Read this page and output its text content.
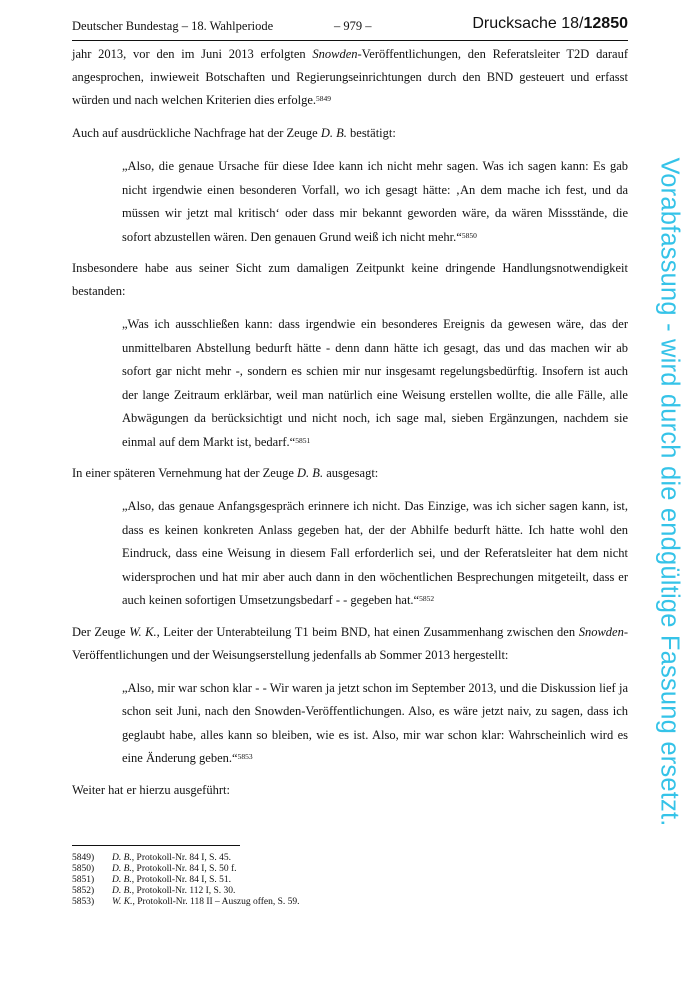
Deutscher Bundestag – 18. Wahlperiode	– 979 –	Drucksache 18/12850

jahr 2013, vor den im Juni 2013 erfolgten Snowden-Veröffentlichungen, den Referatsleiter T2D darauf angesprochen, inwieweit Botschaften und Regierungseinrichtungen durch den BND gesteuert und erfasst würden und nach welchen Kriterien dies erfolge.$^{5849}$

Auch auf ausdrückliche Nachfrage hat der Zeuge D. B. bestätigt:

„Also, die genaue Ursache für diese Idee kann ich nicht mehr sagen. Was ich sagen kann: Es gab nicht irgendwie einen besonderen Vorfall, wo ich gesagt hätte: ‚An dem mache ich fest, und da müssen wir jetzt mal kritisch‘ oder dass mir bekannt geworden wäre, da wären Missstände, die sofort abzustellen wären. Den genauen Grund weiß ich nicht mehr.“$^{5850}$

Insbesondere habe aus seiner Sicht zum damaligen Zeitpunkt keine dringende Handlungsnotwendigkeit bestanden:

„Was ich ausschließen kann: dass irgendwie ein besonderes Ereignis da gewesen wäre, das der unmittelbaren Abstellung bedurft hätte - denn dann hätte ich gesagt, das und das machen wir ab sofort gar nicht mehr -, sondern es schien mir nur insgesamt regelungsbedürftig. Insofern ist auch der lange Zeitraum erklärbar, weil man natürlich eine Weisung erstellen wollte, die alle Fälle, alle Abwägungen da berücksichtigt und nicht noch, ich sage mal, sieben Ergänzungen, nachdem sie einmal auf dem Markt ist, bedarf.“$^{5851}$

In einer späteren Vernehmung hat der Zeuge D. B. ausgesagt:

„Also, das genaue Anfangsgespräch erinnere ich nicht. Das Einzige, was ich sicher sagen kann, ist, dass es keinen konkreten Anlass gegeben hat, der der Abhilfe bedurft hätte. Ich hatte wohl den Eindruck, dass eine Weisung in diesem Fall erforderlich sei, und der Referatsleiter hat dem nicht widersprochen und hat mir aber auch dann in den wöchentlichen Besprechungen mitgeteilt, dass er auch keinen sofortigen Umsetzungsbedarf - - gegeben hat.“$^{5852}$

Der Zeuge W. K., Leiter der Unterabteilung T1 beim BND, hat einen Zusammenhang zwischen den Snowden-Veröffentlichungen und der Weisungserstellung jedenfalls ab Sommer 2013 hergestellt:

„Also, mir war schon klar - - Wir waren ja jetzt schon im September 2013, und die Diskussion lief ja schon seit Juni, nach den Snowden-Veröffentlichungen. Also, es wäre jetzt naiv, zu sagen, dass ich geglaubt habe, alles kann so bleiben, wie es ist. Also, mir war schon klar: Wahrscheinlich wird es eine Änderung geben.“$^{5853}$

Weiter hat er hierzu ausgeführt:

5849)	D. B., Protokoll-Nr. 84 I, S. 45.
5850)	D. B., Protokoll-Nr. 84 I, S. 50 f.
5851)	D. B., Protokoll-Nr. 84 I, S. 51.
5852)	D. B., Protokoll-Nr. 112 I, S. 30.
5853)	W. K., Protokoll-Nr. 118 II – Auszug offen, S. 59.
Vorabfassung - wird durch die endgültige Fassung ersetzt.
